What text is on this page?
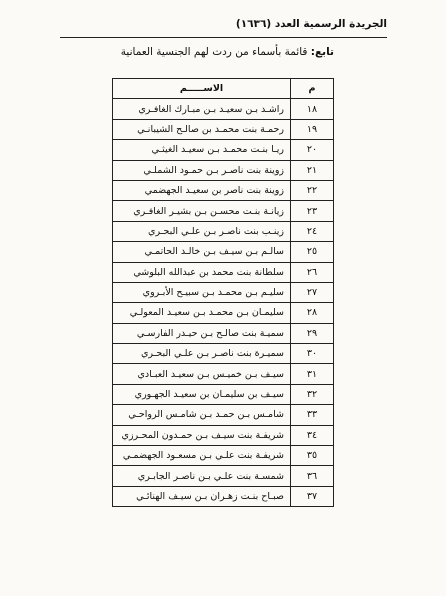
الجريدة الرسمية العدد (١٦٣٦)
تابع: قائمة بأسماء من ردت لهم الجنسية العمانية
م	الاســـــم
١٨	راشـد بـن سعيـد بـن مبـارك الغافـري
١٩	رحمـة بنت محمـد بن صالـح الشيبانـي
٢٠	ريـا بنـت محمـد بـن سعيـد الغيثـي
٢١	زوينة بنت ناصـر بـن حمـود الشملـي
٢٢	زوينة بنت ناصر بن سعيـد الجهضمي
٢٣	زيانـة بنـت محسـن بـن بشيـر الغافـري
٢٤	زينـب بنت ناصـر بـن علـي البحـري
٢٥	سالـم بـن سيـف بـن خالـد الحاتمـي
٢٦	سلطانة بنت محمد بن عبدالله البلوشي
٢٧	سليـم بـن محمـد بـن سبيـح الأبـروي
٢٨	سليمـان بـن محمـد بـن سعيـد المعولـي
٢٩	سميـة بنت صالـح بـن حيـدر الفارسـي
٣٠	سميـرة بنت ناصـر بـن علـي البحـري
٣١	سيـف بـن خميـس بـن سعيـد العبـادي
٣٢	سيـف بن سليمـان بن سعيـد الجهـوري
٣٣	شامـس بـن حمـد بـن شامـس الرواحـي
٣٤	شريفـة بنت سيـف بـن حمـدون المحـرزي
٣٥	شريفـة بنت علـي بـن مسعـود الجهضمـي
٣٦	شمسـة بنت علـي بـن ناصـر الجابـري
٣٧	صبـاح بنـت زهـران بـن سيـف الهنائـي
